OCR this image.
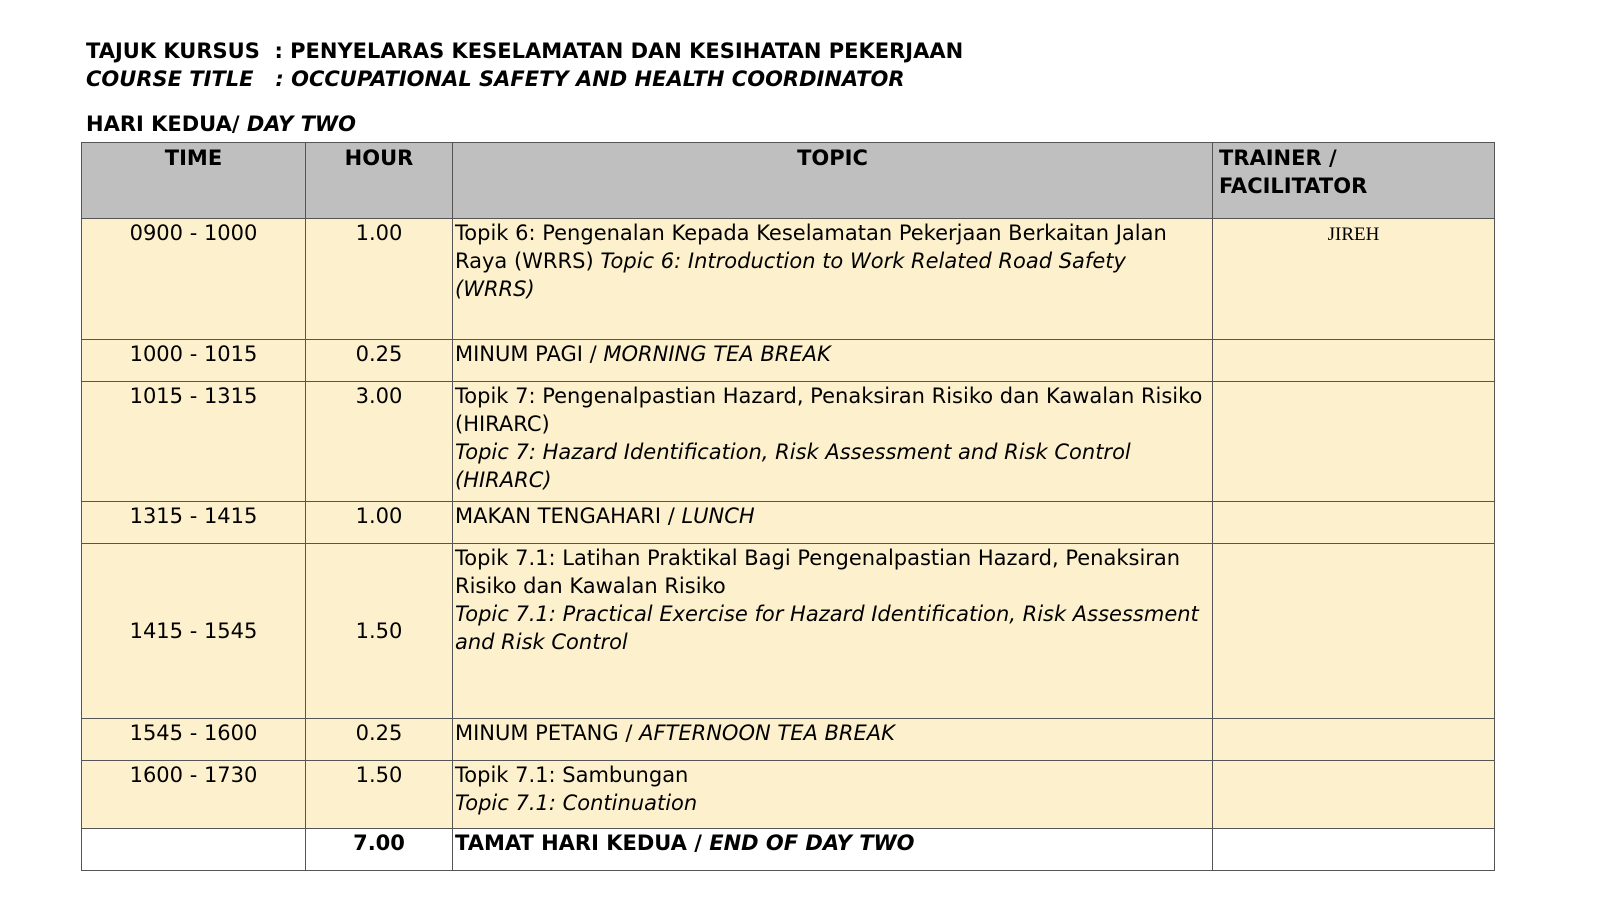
TAJUK KURSUS  : PENYELARAS KESELAMATAN DAN KESIHATAN PEKERJAAN
COURSE TITLE   : OCCUPATIONAL SAFETY AND HEALTH COORDINATOR
HARI KEDUA/ DAY TWO
TIME	HOUR	TOPIC	TRAINER / FACILITATOR
0900 - 1000	1.00	Topik 6: Pengenalan Kepada Keselamatan Pekerjaan Berkaitan Jalan Raya (WRRS) Topic 6: Introduction to Work Related Road Safety (WRRS)	JIREH
1000 - 1015	0.25	MINUM PAGI / MORNING TEA BREAK	
1015 - 1315	3.00	Topik 7: Pengenalpastian Hazard, Penaksiran Risiko dan Kawalan Risiko (HIRARC)
Topic 7: Hazard Identification, Risk Assessment and Risk Control (HIRARC)	

1315 - 1415	1.00	MAKAN TENGAHARI / LUNCH	
1415 - 1545	1.50	Topik 7.1: Latihan Praktikal Bagi Pengenalpastian Hazard, Penaksiran Risiko dan Kawalan Risiko
Topic 7.1: Practical Exercise for Hazard Identification, Risk Assessment and Risk Control	

1545 - 1600	0.25	MINUM PETANG / AFTERNOON TEA BREAK	
1600 - 1730	1.50	Topik 7.1: Sambungan
Topic 7.1: Continuation	

	7.00	TAMAT HARI KEDUA / END OF DAY TWO	
